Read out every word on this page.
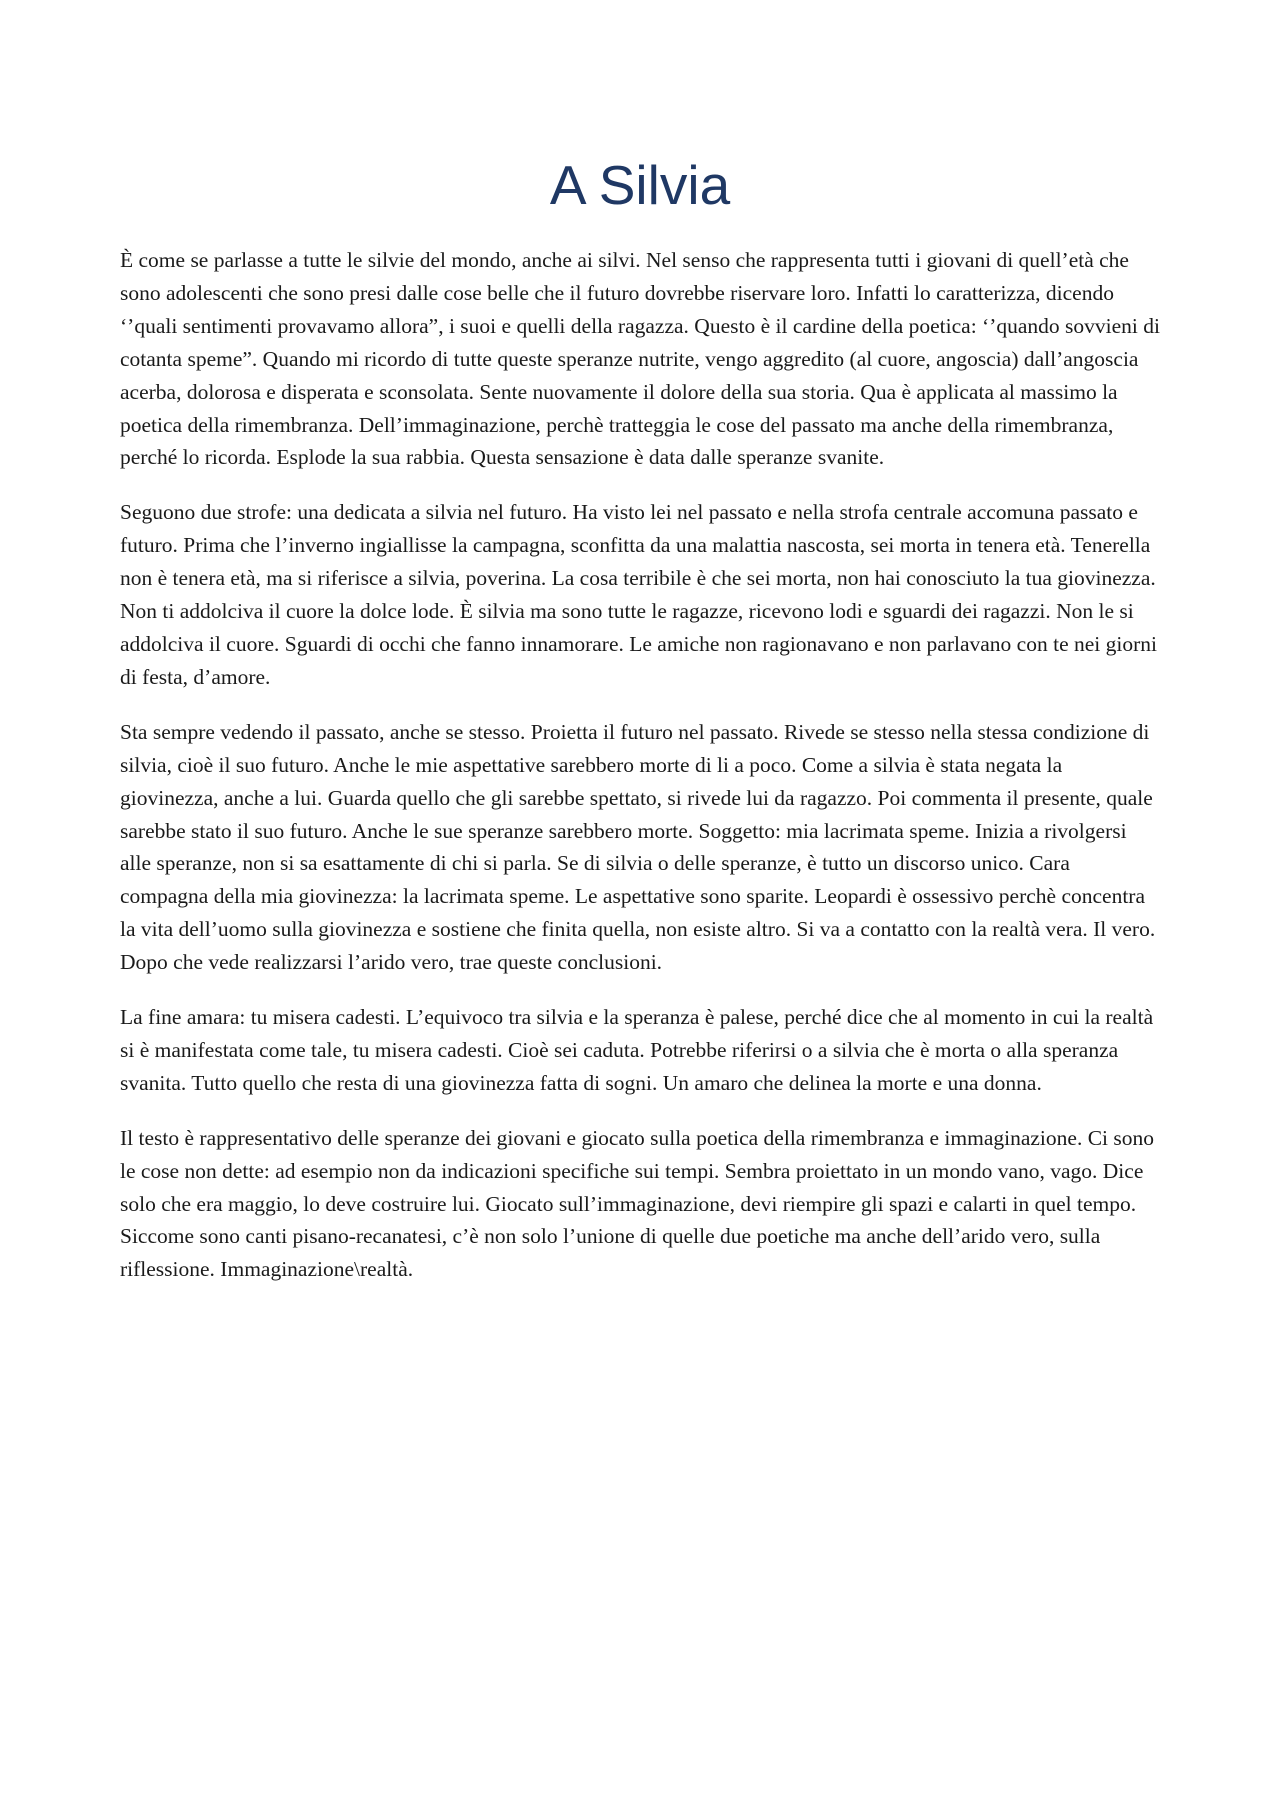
A Silvia

È come se parlasse a tutte le silvie del mondo, anche ai silvi. Nel senso che rappresenta tutti i giovani di quell’età che sono adolescenti che sono presi dalle cose belle che il futuro dovrebbe riservare loro. Infatti lo caratterizza, dicendo ‘’quali sentimenti provavamo allora”, i suoi e quelli della ragazza. Questo è il cardine della poetica: ‘’quando sovvieni di cotanta speme”. Quando mi ricordo di tutte queste speranze nutrite, vengo aggredito (al cuore, angoscia) dall’angoscia acerba, dolorosa e disperata e sconsolata. Sente nuovamente il dolore della sua storia. Qua è applicata al massimo la poetica della rimembranza. Dell’immaginazione, perchè tratteggia le cose del passato ma anche della rimembranza, perché lo ricorda. Esplode la sua rabbia. Questa sensazione è data dalle speranze svanite.

Seguono due strofe: una dedicata a silvia nel futuro. Ha visto lei nel passato e nella strofa centrale accomuna passato e futuro. Prima che l’inverno ingiallisse la campagna, sconfitta da una malattia nascosta, sei morta in tenera età. Tenerella non è tenera età, ma si riferisce a silvia, poverina. La cosa terribile è che sei morta, non hai conosciuto la tua giovinezza. Non ti addolciva il cuore la dolce lode. È silvia ma sono tutte le ragazze, ricevono lodi e sguardi dei ragazzi. Non le si addolciva il cuore. Sguardi di occhi che fanno innamorare. Le amiche non ragionavano e non parlavano con te nei giorni di festa, d’amore.

Sta sempre vedendo il passato, anche se stesso. Proietta il futuro nel passato. Rivede se stesso nella stessa condizione di silvia, cioè il suo futuro. Anche le mie aspettative sarebbero morte di li a poco. Come a silvia è stata negata la giovinezza, anche a lui. Guarda quello che gli sarebbe spettato, si rivede lui da ragazzo. Poi commenta il presente, quale sarebbe stato il suo futuro. Anche le sue speranze sarebbero morte. Soggetto: mia lacrimata speme. Inizia a rivolgersi alle speranze, non si sa esattamente di chi si parla. Se di silvia o delle speranze, è tutto un discorso unico. Cara compagna della mia giovinezza: la lacrimata speme. Le aspettative sono sparite. Leopardi è ossessivo perchè concentra la vita dell’uomo sulla giovinezza e sostiene che finita quella, non esiste altro. Si va a contatto con la realtà vera. Il vero. Dopo che vede realizzarsi l’arido vero, trae queste conclusioni.

La fine amara: tu misera cadesti. L’equivoco tra silvia e la speranza è palese, perché dice che al momento in cui la realtà si è manifestata come tale, tu misera cadesti. Cioè sei caduta. Potrebbe riferirsi o a silvia che è morta o alla speranza svanita. Tutto quello che resta di una giovinezza fatta di sogni. Un amaro che delinea la morte e una donna.

Il testo è rappresentativo delle speranze dei giovani e giocato sulla poetica della rimembranza e immaginazione. Ci sono le cose non dette: ad esempio non da indicazioni specifiche sui tempi. Sembra proiettato in un mondo vano, vago. Dice solo che era maggio, lo deve costruire lui. Giocato sull’immaginazione, devi riempire gli spazi e calarti in quel tempo. Siccome sono canti pisano-recanatesi, c’è non solo l’unione di quelle due poetiche ma anche dell’arido vero, sulla riflessione. Immaginazione\realtà.
